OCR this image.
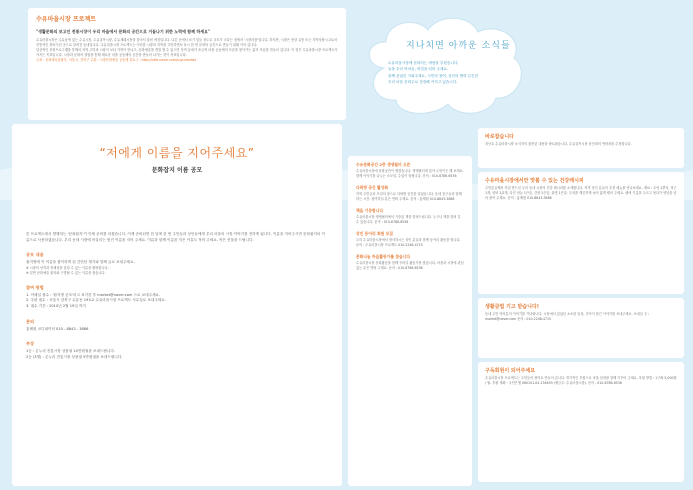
수유마을시장 프로젝트
"생활문화의 보고인 전통시장이 우리 마을에서 문화의 공간으로 거듭나기 위한 노력에 함께 하세요"
수유마을시장은 수유동에 있는 수유시장, 수유골목시장, 수유재래시장을 묶어서 불린 애칭입니다. 다른 곳에서 보기 힘들 정도로 규모가 크다는 점에서 '시장마을'입니다. 하지만, 시장은 현상 유통 또는 지역상품시고로서 전통적인 장터이던 곳으로 알려진 동네입니다. 수유마을시장 프로젝트는 이러한 시장과 지역을 고민하면서 다시 한 번 문화의 공간으로 만들기 위해 이어 갑니다.
일상적인 문화프로그램을 통해서 지역 주민과 시장이 보다 가까이 만나고, 문화예술을 경험 할 수 있으면 지역 동네가 조금씩 마을 공동체의 모습을 찾아가는 삶의 모습을 만들어 갑니다. 이 점은 수유마을시장 프로젝트가 가지는 목표입니다. 시장과 문화의 결합을 통해 새로운 마을 공동체의 공간을 만들어 나가는 것이 목표입니다.
주최 : 문화체육관광부, 서울시, 강북구 주관 : 시장문화예술 공동체 블로그 : http://cafe.naver.com/suyumarket
지나치면 아까운 소식들
수유마을시장에 문화터는 바람을 부렸습니다.
들을 우리 아마들, 비밀을 되어 주세요.
함께 웃었던 기회주세요, 시민의 참여, 상인의 협력 튼튼한
우리 마을 문화주로 점점해 커지고 있습니다.
“저에게 이름을 지어주세요”
문화잡지 이름 공모
본 프로젝트에서 발행하는 '문화잡지'가 이제 준비를 마쳤습니다. 이제 준비되면 한 달에 한 번 주민들과 상인들에게 우리 마을의 시장 이야기를 전하게 됩니다. 이름을 지어주시면 문화잡지의 이름으로 사용하겠습니다. 우리 동네 시장에 어울리는 멋진 이름을 지어 주세요. 이름과 함께 이름을 지은 이유도 적어 주세요. 작은 선물을 드립니다.
공모 내용
잡지명에 이 이름을 붙이하게 된 간단한 계기와 함께 글로 보내주세요.
※ 시장의 성격과 정체성을 살릴 수 있는 이름을 환영합니다.
※ 일반 문화예술 잡지와 구별될 수 있는 이름을 찾습니다.
참여 방법
1. 이메일 접수 : '잡지명 공모'라고 표기한 후 market@naver.com 으로 보내주세요.
2. 우편 접수 : 서울시 강북구 수유동 193-2 수유마을시장 프로젝트 사무실로 보내주세요.
3. 접수 기간 : 2010년 2월 19일 까지
문의
홍제원 코디네이터 010 - 8843 - 3886
부상
1등 : 온누리 전통시장 상품권 10만원권을 보내드립니다.
2등 (3명) : 온누리 전통시장 상품권 5만원권을 보내드립니다.
수유문화공간 2층 생생필터 오픈
수유마을시장에 문화공간이 생겼습니다. 생생필터에 앉아 무엇이든 해 보세요. 함께 이야기를 나누는 소모임, 수업이 열립니다. 문의 : 010-8786-6536
다락방 공간 활성화
지역 주민들과 모임의 장으로 다락방 공간을 열었습니다. 동네 친구들과 함께 하는 시간. 참여하실 분은 연락 주세요. 문의 : 홍제원 010-8843-3886
책을 기증합니다
수유마을시장 생생필터에서 기증된 책을 빌려드립니다. 누구나 책을 빌려 갈 수 있습니다. 문의 : 010-8786-6536
상인 동아리 회원 모집
우리 수유마을시장에서 장사하시는 상인 분들과 함께 동아리 활동을 합니다. 문의 : 수유마을시장 프로젝트 010-2248-4715
문화나눔 마을활동가를 찾습니다
수유마을시장 문화활동을 함께 꾸려갈 활동가를 찾습니다. 마을과 시장에 관심있는 분은 연락 주세요. 문의 : 010-8786-6536
바로잡습니다
지난호 수유마을시장 소식지의 잘못된 내용을 바로잡습니다. 수유골목시장 상인회의 연락처를 수정합니다.
수유마을시장에서만 맛볼 수 있는 건강레시피
주민분들께서 직접 만드신 우리 동네 시장의 건강 레시피를 소개합니다. 지역 상인 분들의 추천 메뉴를 만나보세요. 재료 : 우엉 1뿌리, 당근 1개, 양파 1/2개, 다진 마늘 1큰술, 간장 2큰술, 물엿 1큰술. 우엉을 깨끗하게 씻어 얇게 썰어 주세요. 팬에 기름을 두르고 볶다가 양념을 넣어 졸여 주세요. 문의 : 홍제원 010-8843-3886
생활클럽 기고 받습니다!
동네 주민 여러분의 이야기를 기다립니다. 시장에서 있었던 소소한 일상, 추억이 담긴 이야기를 보내주세요. 보내실 곳 : market@naver.com 문의 : 010-2248-4715
구독회원이 되어주세요
수유마을시장 프로젝트는 주민들의 참여로 만들어 갑니다. 정기적인 후원으로 마을 문화를 함께 가꾸어 주세요. 후원 방법 : 1구좌 5,000원 / 월. 후원 계좌 : 국민은행 060101-04-134693 (예금주: 수유마을시장). 문의 : 010-8786-6536
